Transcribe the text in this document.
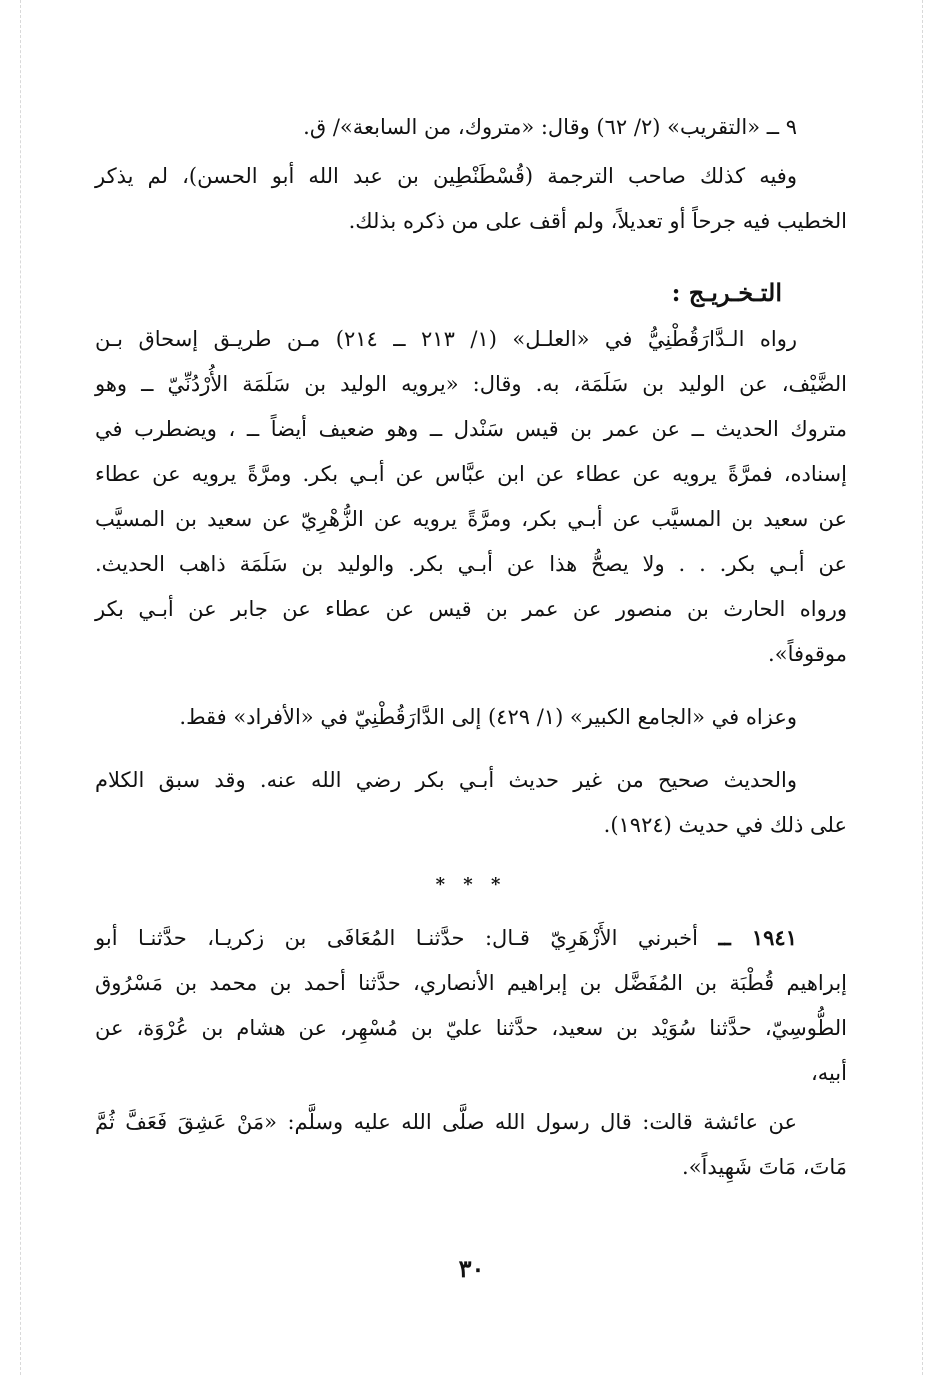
٩ ــ «التقريب» (٢/ ٦٢) وقال: «متروك، من السابعة»/ ق.
وفيه كذلك صاحب الترجمة (قُسْطَنْطِين بن عبد الله أبو الحسن)، لم يذكر
الخطيب فيه جرحاً أو تعديلاً، ولم أقف على من ذكره بذلك.
التـخـريـج :
رواه الـدَّارَقُطْنِيُّ في «العلـل» (١/ ٢١٣ ــ ٢١٤) مـن طريـق إسحاق بـن
الضَّيْف، عن الوليد بن سَلَمَة، به. وقال: «يرويه الوليد بن سَلَمَة الأُرْدُنِّيّ ــ وهو
متروك الحديث ــ عن عمر بن قيس سَنْدل ــ وهو ضعيف أيضاً ــ ، ويضطرب في
إسناده، فمرَّةً يرويه عن عطاء عن ابن عبَّاس عن أبـي بكر. ومرَّةً يرويه عن عطاء
عن سعيد بن المسيَّب عن أبـي بكر، ومرَّةً يرويه عن الزُّهْرِيّ عن سعيد بن المسيَّب
عن أبـي بكر. . . ولا يصحُّ هذا عن أبـي بكر. والوليد بن سَلَمَة ذاهب الحديث.
ورواه الحارث بن منصور عن عمر بن قيس عن عطاء عن جابر عن أبـي بكر
موقوفاً».
وعزاه في «الجامع الكبير» (١/ ٤٢٩) إلى الدَّارَقُطْنِيّ في «الأفراد» فقط.
والحديث صحيح من غير حديث أبـي بكر رضي الله عنه. وقد سبق الكلام
على ذلك في حديث (١٩٢٤).
* * *
١٩٤١ ــ أخبرني الأَزْهَرِيّ قـال: حدَّثنـا المُعَافَى بن زكريـا، حدَّثنـا أبو
إبراهيم قُطْبَة بن المُفَضَّل بن إبراهيم الأنصاري، حدَّثنا أحمد بن محمد بن مَسْرُوق
الطُّوسِيّ، حدَّثنا سُوَيْد بن سعيد، حدَّثنا عليّ بن مُسْهِر، عن هشام بن عُرْوَة، عن
أبيه،
عن عائشة قالت: قال رسول الله صلَّى الله عليه وسلَّم: «مَنْ عَشِقَ فَعَفَّ ثُمَّ
مَاتَ، مَاتَ شَهِيداً».
٣٠
